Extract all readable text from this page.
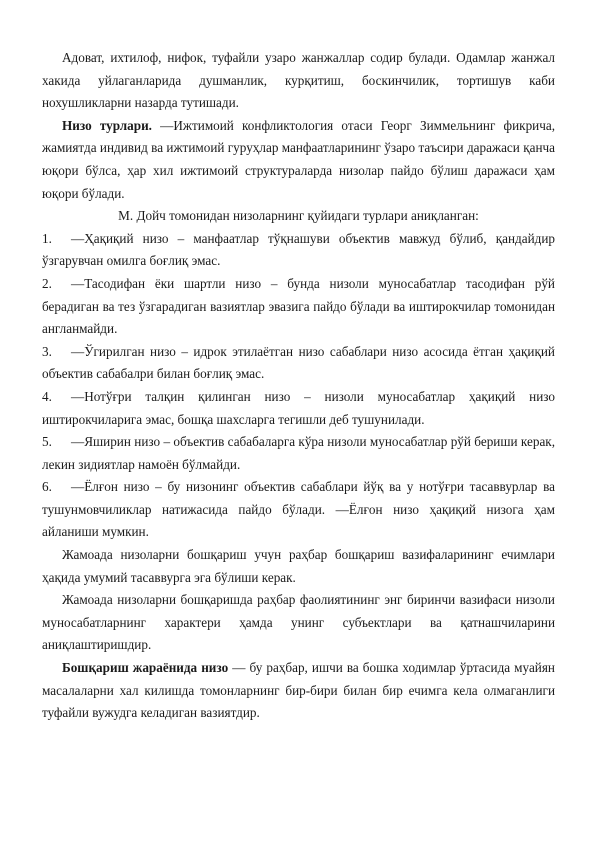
Адоват, ихтилоф, нифок, туфайли узаро жанжаллар содир булади. Одамлар жанжал хакида уйлаганларида душманлик, курқитиш, боскинчилик, тортишув каби нохушликларни назарда тутишади.

Низо турлари. ―Ижтимоий конфликтология отаси Георг Зиммельнинг фикрича, жамиятда индивид ва ижтимоий гуруҳлар манфаатларининг ўзаро таъсири даражаси қанча юқори бўлса, ҳар хил ижтимоий структураларда низолар пайдо бўлиш даражаси ҳам юқори бўлади.

М. Дойч томонидан низоларнинг қуйидаги турлари аниқланган:

1. ―Ҳақиқий низо – манфаатлар тўқнашуви объектив мавжуд бўлиб, қандайдир ўзгарувчан омилга боғлиқ эмас.
2. ―Тасодифан ёки шартли низо – бунда низоли муносабатлар тасодифан рўй берадиган ва тез ўзгарадиган вазиятлар эвазига пайдо бўлади ва иштирокчилар томонидан англанмайди.
3. ―Ўгирилган низо – идрок этилаётган низо сабаблари низо асосида ётган ҳақиқий объектив сабабалри билан боғлиқ эмас.
4. ―Нотўғри талқин қилинган низо – низоли муносабатлар ҳақиқий низо иштирокчиларига эмас, бошқа шахсларга тегишли деб тушунилади.
5. ―Яширин низо – объектив сабабаларга кўра низоли муносабатлар рўй бериши керак, лекин зидиятлар намоён бўлмайди.
6. ―Ёлғон низо – бу низонинг объектив сабаблари йўқ ва у нотўғри тасаввурлар ва тушунмовчиликлар натижасида пайдо бўлади. ―Ёлғон низо ҳақиқий низога ҳам айланиши мумкин.

Жамоада низоларни бошқариш учун раҳбар бошқариш вазифаларининг ечимлари ҳақида умумий тасаввурга эга бўлиши керак.

Жамоада низоларни бошқаришда раҳбар фаолиятининг энг биринчи вазифаси низоли муносабатларнинг характери ҳамда унинг субъектлари ва қатнашчиларини аниқлаштиришдир.

Бошқариш жараёнида низо — бу раҳбар, ишчи ва бошка ходимлар ўртасида муайян масалаларни хал килишда томонларнинг бир-бири билан бир ечимга кела олмаганлиги туфайли вужудга келадиган вазиятдир.
